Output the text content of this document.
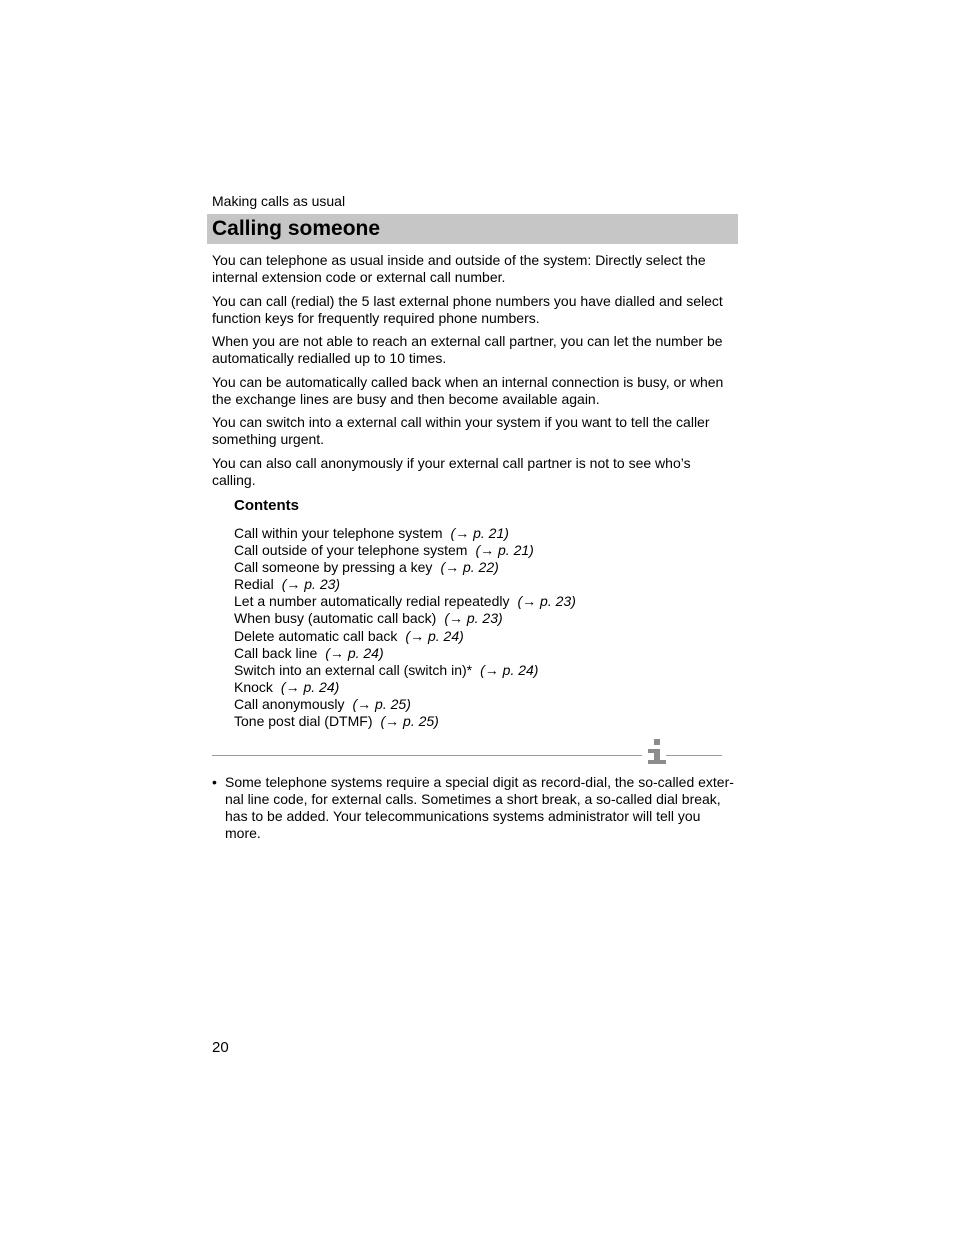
Making calls as usual
Calling someone

You can telephone as usual inside and outside of the system: Directly select the internal extension code or external call number.

You can call (redial) the 5 last external phone numbers you have dialled and select function keys for frequently required phone numbers.

When you are not able to reach an external call partner, you can let the number be automatically redialled up to 10 times.

You can be automatically called back when an internal connection is busy, or when the exchange lines are busy and then become available again.

You can switch into a external call within your system if you want to tell the caller something urgent.

You can also call anonymously if your external call partner is not to see who’s calling.

Contents
Call within your telephone system (→ p. 21)
Call outside of your telephone system (→ p. 21)
Call someone by pressing a key (→ p. 22)
Redial (→ p. 23)
Let a number automatically redial repeatedly (→ p. 23)
When busy (automatic call back) (→ p. 23)
Delete automatic call back (→ p. 24)
Call back line (→ p. 24)
Switch into an external call (switch in)* (→ p. 24)
Knock (→ p. 24)
Call anonymously (→ p. 25)
Tone post dial (DTMF) (→ p. 25)
• Some telephone systems require a special digit as record-dial, the so-called exter- nal line code, for external calls. Sometimes a short break, a so-called dial break, has to be added. Your telecommunications systems administrator will tell you more.
20
